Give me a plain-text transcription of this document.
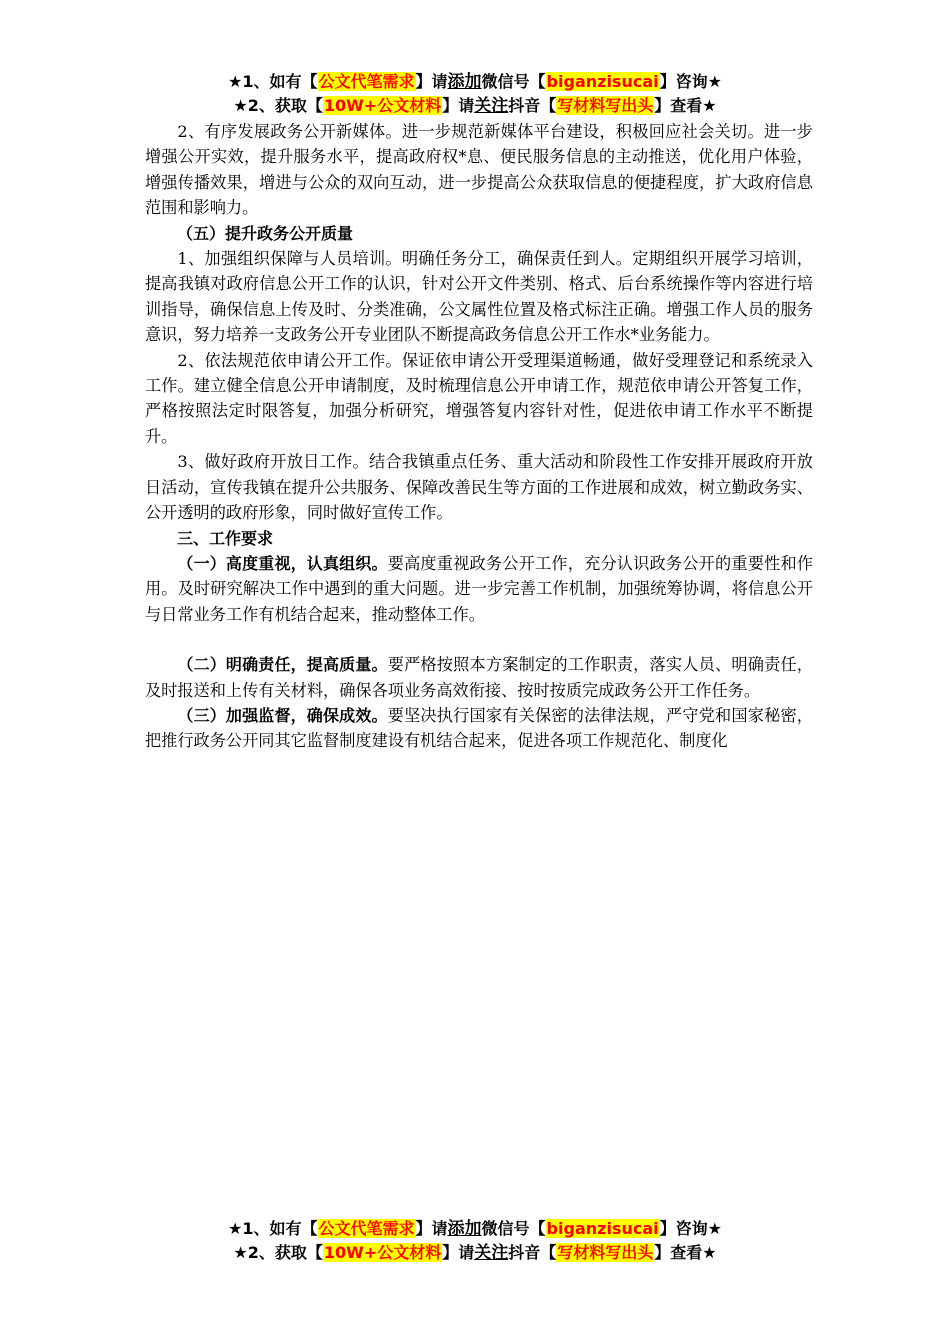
★1、如有【公文代笔需求】请添加微信号【biganzisucai】咨询★
★2、获取【10W+公文材料】请关注抖音【写材料写出头】查看★

2、有序发展政务公开新媒体。进一步规范新媒体平台建设，积极回应社会关切。进一步增强公开实效，提升服务水平，提高政府权*息、便民服务信息的主动推送，优化用户体验，增强传播效果，增进与公众的双向互动，进一步提高公众获取信息的便捷程度，扩大政府信息范围和影响力。

（五）提升政务公开质量

1、加强组织保障与人员培训。明确任务分工，确保责任到人。定期组织开展学习培训，提高我镇对政府信息公开工作的认识，针对公开文件类别、格式、后台系统操作等内容进行培训指导，确保信息上传及时、分类准确，公文属性位置及格式标注正确。增强工作人员的服务意识，努力培养一支政务公开专业团队不断提高政务信息公开工作水*业务能力。

2、依法规范依申请公开工作。保证依申请公开受理渠道畅通，做好受理登记和系统录入工作。建立健全信息公开申请制度，及时梳理信息公开申请工作，规范依申请公开答复工作，严格按照法定时限答复，加强分析研究，增强答复内容针对性，促进依申请工作水平不断提升。

3、做好政府开放日工作。结合我镇重点任务、重大活动和阶段性工作安排开展政府开放日活动，宣传我镇在提升公共服务、保障改善民生等方面的工作进展和成效，树立勤政务实、公开透明的政府形象，同时做好宣传工作。

三、工作要求

（一）高度重视，认真组织。要高度重视政务公开工作，充分认识政务公开的重要性和作用。及时研究解决工作中遇到的重大问题。进一步完善工作机制，加强统筹协调，将信息公开与日常业务工作有机结合起来，推动整体工作。

（二）明确责任，提高质量。要严格按照本方案制定的工作职责，落实人员、明确责任，及时报送和上传有关材料，确保各项业务高效衔接、按时按质完成政务公开工作任务。

（三）加强监督，确保成效。要坚决执行国家有关保密的法律法规，严守党和国家秘密，把推行政务公开同其它监督制度建设有机结合起来，促进各项工作规范化、制度化

★1、如有【公文代笔需求】请添加微信号【biganzisucai】咨询★
★2、获取【10W+公文材料】请关注抖音【写材料写出头】查看★
